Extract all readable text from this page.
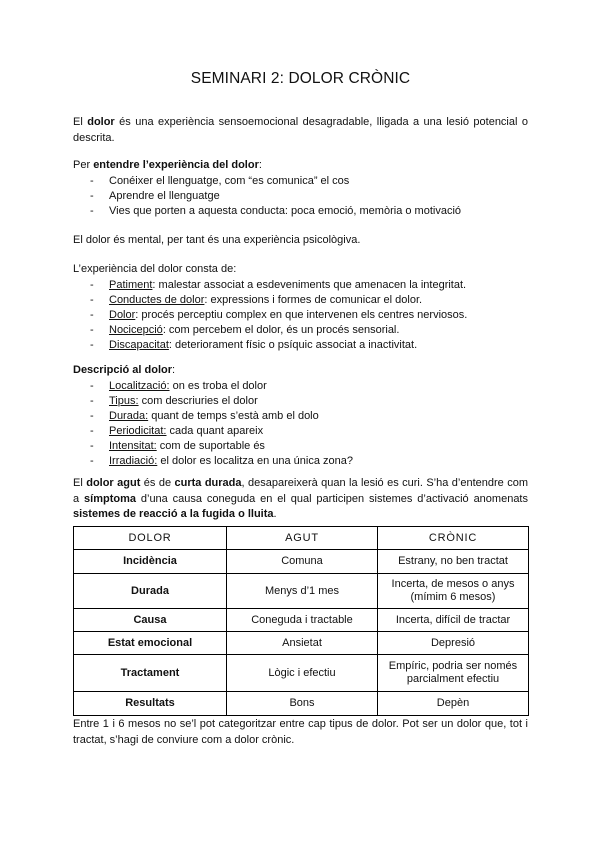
SEMINARI 2: DOLOR CRÒNIC
El dolor és una experiència sensoemocional desagradable, lligada a una lesió potencial o descrita.
Per entendre l’experiència del dolor:
- Conéixer el llenguatge, com “es comunica” el cos
- Aprendre el llenguatge
- Vies que porten a aquesta conducta: poca emoció, memòria o motivació
El dolor és mental, per tant és una experiència psicològiva.
L’experiència del dolor consta de:
- Patiment: malestar associat a esdeveniments que amenacen la integritat.
- Conductes de dolor: expressions i formes de comunicar el dolor.
- Dolor: procés perceptiu complex en que intervenen els centres nerviosos.
- Nocicepció: com percebem el dolor, és un procés sensorial.
- Discapacitat: deteriorament físic o psíquic associat a inactivitat.
Descripció al dolor:
- Localització: on es troba el dolor
- Tipus: com descriuries el dolor
- Durada: quant de temps s’està amb el dolo
- Periodicitat: cada quant apareix
- Intensitat: com de suportable és
- Irradiació: el dolor es localitza en una única zona?
El dolor agut és de curta durada, desapareixerà quan la lesió es curi. S’ha d’entendre com a símptoma d’una causa coneguda en el qual participen sistemes d’activació anomenats sistemes de reacció a la fugida o lluita.
DOLOR	AGUT	CRÒNIC
Incidència	Comuna	Estrany, no ben tractat
Durada	Menys d’1 mes	Incerta, de mesos o anys (mímim 6 mesos)
Causa	Coneguda i tractable	Incerta, difícil de tractar
Estat emocional	Ansietat	Depresió
Tractament	Lògic i efectiu	Empíric, podria ser només parcialment efectiu
Resultats	Bons	Depèn
Entre 1 i 6 mesos no se’l pot categoritzar entre cap tipus de dolor. Pot ser un dolor que, tot i tractat, s’hagi de conviure com a dolor crònic.
